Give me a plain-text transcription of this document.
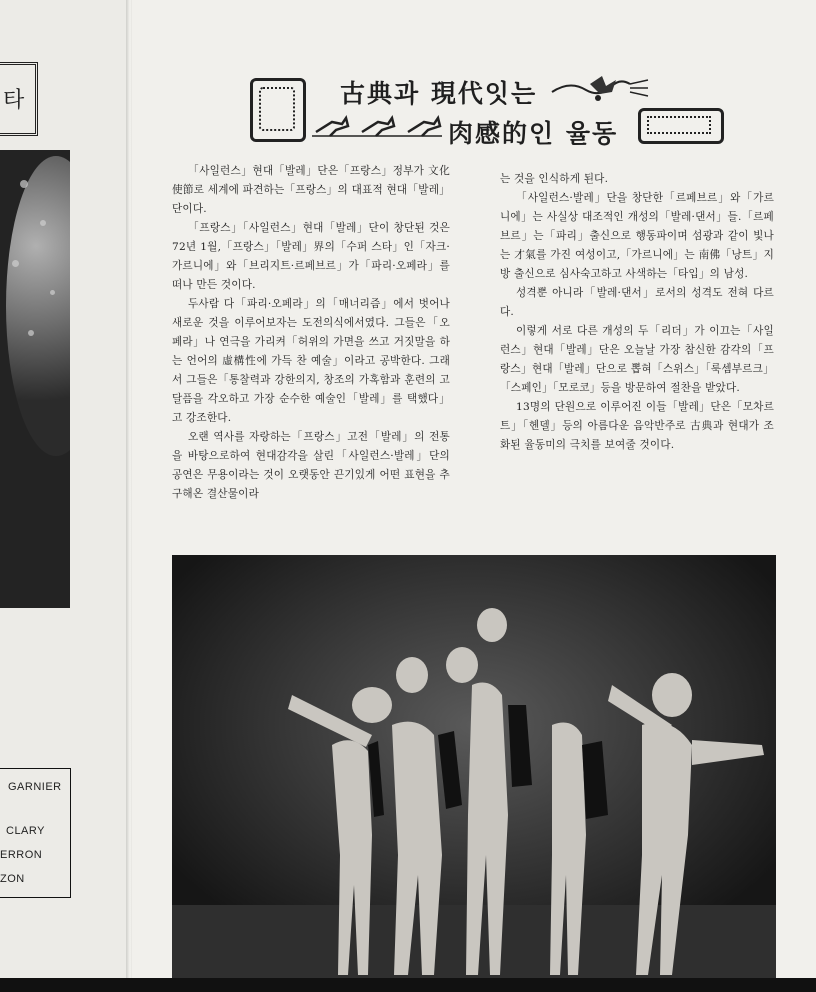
타
GARNIER
CLARY
ERRON
ZON
古典과 現代잇는
肉感的인 율동

「사일런스」현대「발레」단은「프랑스」정부가 文化使節로 세계에 파견하는「프랑스」의 대표적 현대「발레」단이다.

「프랑스」「사일런스」현대「발레」단이 창단된 것은 72년 1월,「프랑스」「발레」界의「수퍼 스타」인「자크·가르니에」와「브리지트·르페브르」가「파리·오페라」를 떠나 만든 것이다.

두사람 다「파리·오페라」의「매너리즘」에서 벗어나 새로운 것을 이루어보자는 도전의식에서였다. 그들은「오페라」나 연극을 가리켜「허위의 가면을 쓰고 거짓말을 하는 언어의 虛構性에 가득 찬 예술」이라고 공박한다. 그래서 그들은「통찰력과 강한의지, 창조의 가혹함과 훈련의 고달픔을 각오하고 가장 순수한 예술인「발레」를 택했다」고 강조한다.

오랜 역사를 자랑하는「프랑스」고전「발레」의 전통을 바탕으로하여 현대감각을 살린「사일런스·발레」단의 공연은 무용이라는 것이 오랫동안 끈기있게 어떤 표현을 추구해온 결산물이라

는 것을 인식하게 된다.

「사일런스·발레」단을 창단한「르페브르」와「가르니에」는 사실상 대조적인 개성의「발레·댄서」들.「르페브르」는「파리」출신으로 행동파이며 섬광과 같이 빛나는 才氣를 가진 여성이고,「가르니에」는 南佛「낭트」지방 출신으로 심사숙고하고 사색하는「타입」의 남성.

성격뿐 아니라「발레·댄서」로서의 성격도 전혀 다르다.

이렇게 서로 다른 개성의 두「리더」가 이끄는「사일런스」현대「발레」단은 오늘날 가장 참신한 감각의「프랑스」현대「발레」단으로 뽑혀「스위스」「룩셈부르크」「스페인」「모로코」등을 방문하여 절찬을 받았다.

13명의 단원으로 이루어진 이들「발레」단은「모차르트」「헨델」등의 아름다운 음악반주로 古典과 현대가 조화된 율동미의 극치를 보여줄 것이다.
